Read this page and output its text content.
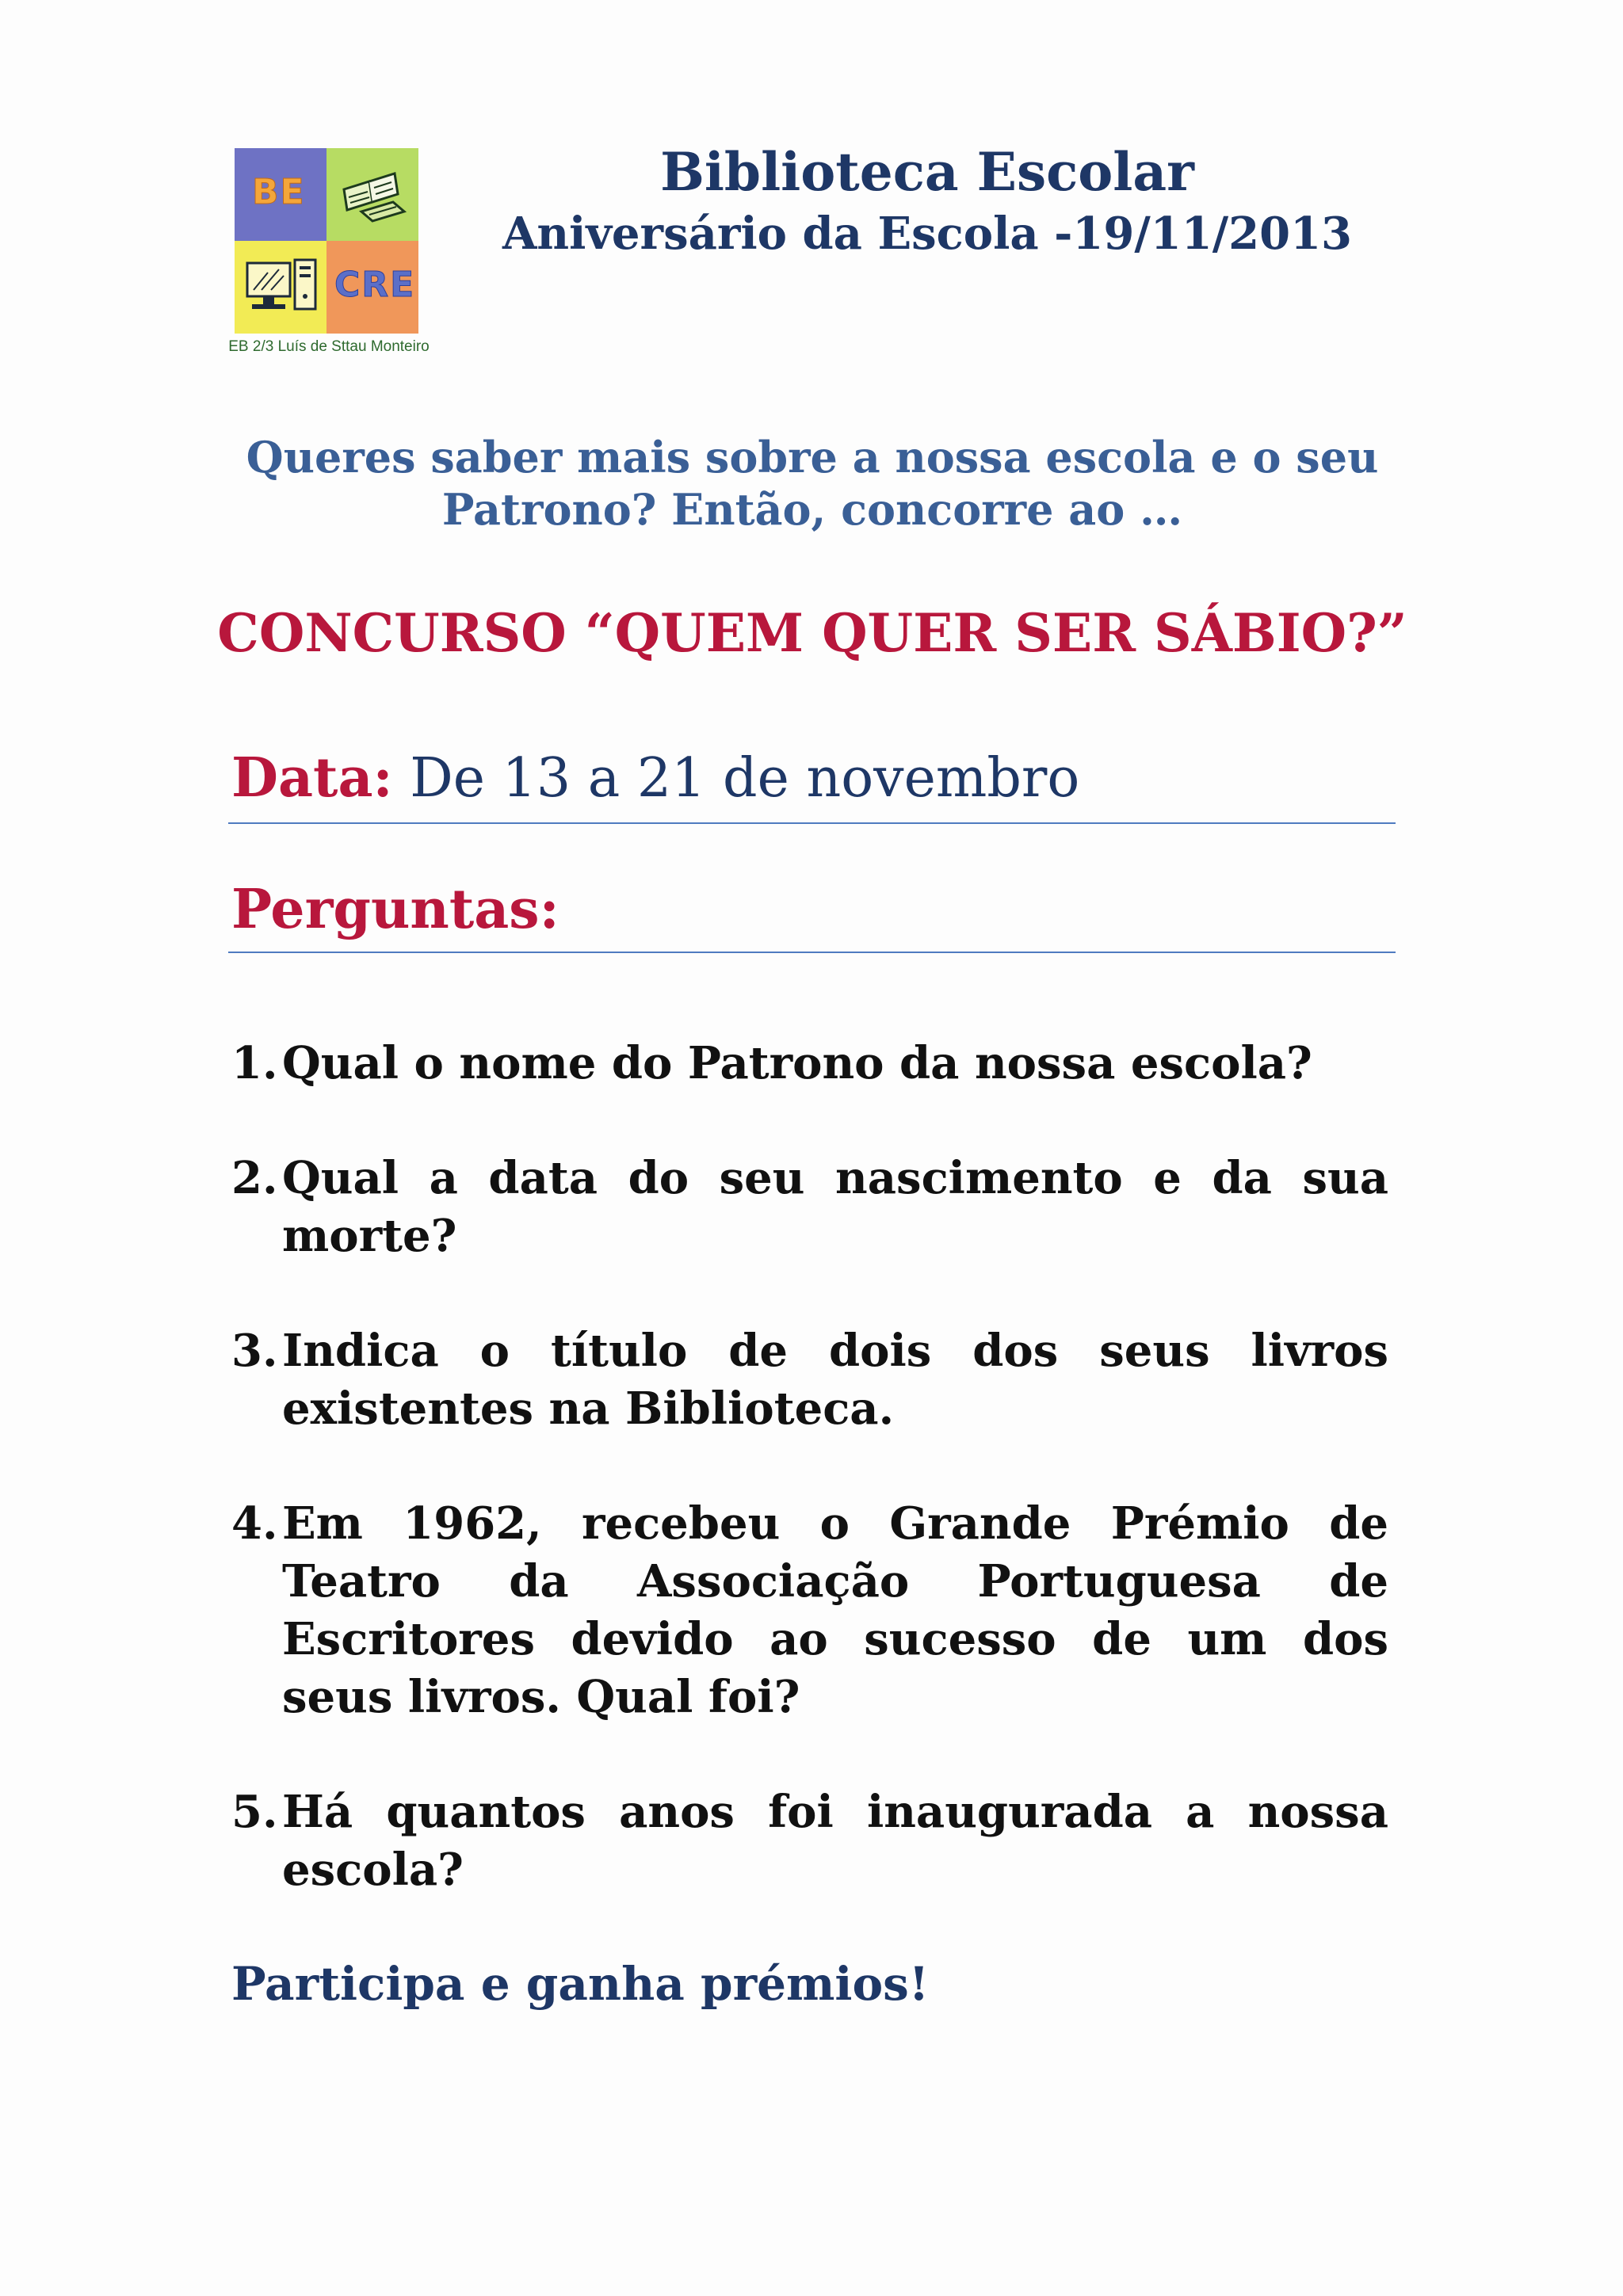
BE
CRE
EB 2/3 Luís de Sttau Monteiro
Biblioteca Escolar
Aniversário da Escola -19/11/2013
Queres saber mais sobre a nossa escola e o seu
Patrono? Então, concorre ao …
CONCURSO “QUEM QUER SER SÁBIO?”
Data: De 13 a 21 de novembro
Perguntas:
1. Qual o nome do Patrono da nossa escola?
2. Qual a data do seu nascimento e da sua morte?
3. Indica o título de dois dos seus livros existentes na Biblioteca.
4. Em 1962, recebeu o Grande Prémio de Teatro da Associação Portuguesa de Escritores devido ao sucesso de um dos seus livros. Qual foi?
5. Há quantos anos foi inaugurada a nossa escola?
Participa e ganha prémios!
